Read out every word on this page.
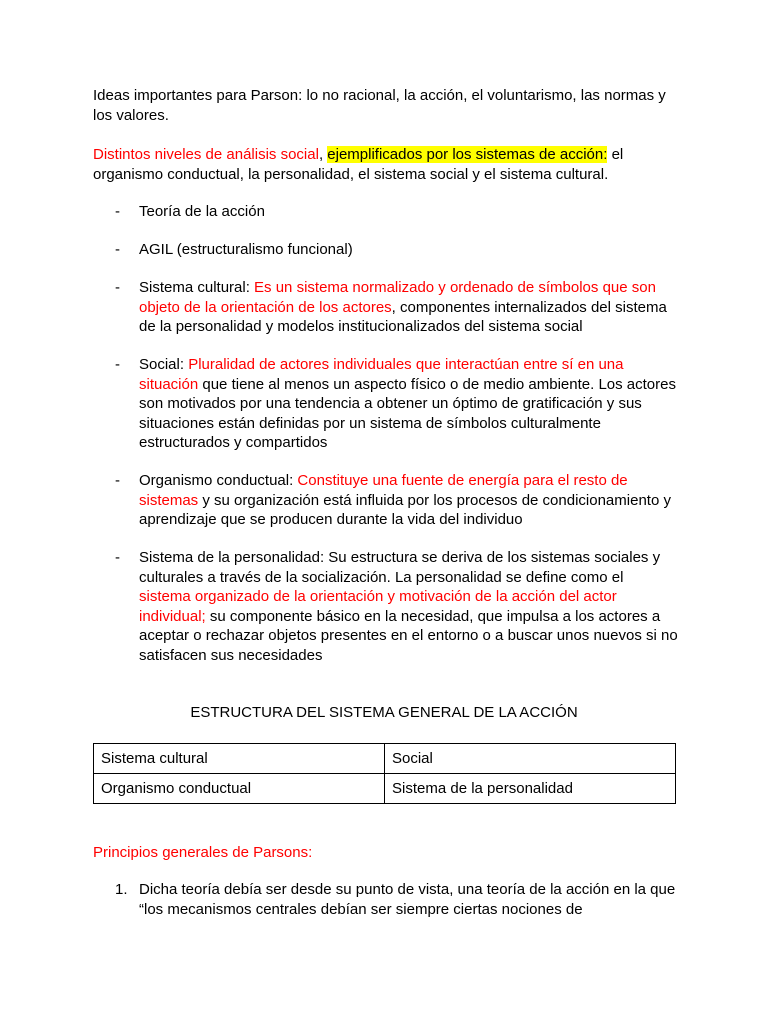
Ideas importantes para Parson: lo no racional, la acción, el voluntarismo, las normas y los valores.

Distintos niveles de análisis social, ejemplificados por los sistemas de acción: el organismo conductual, la personalidad, el sistema social y el sistema cultural.

- Teoría de la acción
- AGIL (estructuralismo funcional)
- Sistema cultural: Es un sistema normalizado y ordenado de símbolos que son objeto de la orientación de los actores, componentes internalizados del sistema de la personalidad y modelos institucionalizados del sistema social
- Social: Pluralidad de actores individuales que interactúan entre sí en una situación que tiene al menos un aspecto físico o de medio ambiente. Los actores son motivados por una tendencia a obtener un óptimo de gratificación y sus situaciones están definidas por un sistema de símbolos culturalmente estructurados y compartidos
- Organismo conductual: Constituye una fuente de energía para el resto de sistemas y su organización está influida por los procesos de condicionamiento y aprendizaje que se producen durante la vida del individuo
- Sistema de la personalidad: Su estructura se deriva de los sistemas sociales y culturales a través de la socialización. La personalidad se define como el sistema organizado de la orientación y motivación de la acción del actor individual; su componente básico en la necesidad, que impulsa a los actores a aceptar o rechazar objetos presentes en el entorno o a buscar unos nuevos si no satisfacen sus necesidades
ESTRUCTURA DEL SISTEMA GENERAL DE LA ACCIÓN
Sistema cultural	Social
Organismo conductual	Sistema de la personalidad

Principios generales de Parsons:

1. Dicha teoría debía ser desde su punto de vista, una teoría de la acción en la que “los mecanismos centrales debían ser siempre ciertas nociones de
